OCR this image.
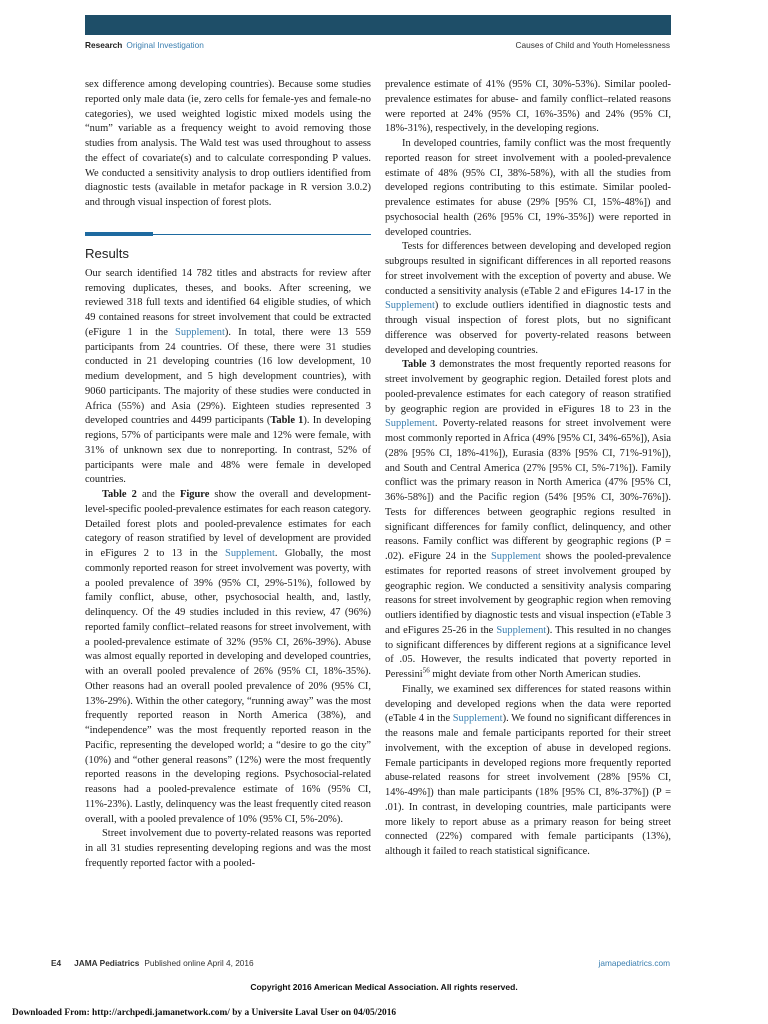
Research Original Investigation	Causes of Child and Youth Homelessness

sex difference among developing countries). Because some studies reported only male data (ie, zero cells for female-yes and female-no categories), we used weighted logistic mixed models using the “num” variable as a frequency weight to avoid removing those studies from analysis. The Wald test was used throughout to assess the effect of covariate(s) and to calculate corresponding P values. We conducted a sensitivity analysis to drop outliers identified from diagnostic tests (available in metafor package in R version 3.0.2) and through visual inspection of forest plots.

Results

Our search identified 14 782 titles and abstracts for review after removing duplicates, theses, and books. After screening, we reviewed 318 full texts and identified 64 eligible studies, of which 49 contained reasons for street involvement that could be extracted (eFigure 1 in the Supplement). In total, there were 13 559 participants from 24 countries. Of these, there were 31 studies conducted in 21 developing countries (16 low development, 10 medium development, and 5 high development countries), with 9060 participants. The majority of these studies were conducted in Africa (55%) and Asia (29%). Eighteen studies represented 3 developed countries and 4499 participants (Table 1). In developing regions, 57% of participants were male and 12% were female, with 31% of unknown sex due to nonreporting. In contrast, 52% of participants were male and 48% were female in developed countries.

Table 2 and the Figure show the overall and development-level-specific pooled-prevalence estimates for each reason category. Detailed forest plots and pooled-prevalence estimates for each category of reason stratified by level of development are provided in eFigures 2 to 13 in the Supplement. Globally, the most commonly reported reason for street involvement was poverty, with a pooled prevalence of 39% (95% CI, 29%-51%), followed by family conflict, abuse, other, psychosocial health, and, lastly, delinquency. Of the 49 studies included in this review, 47 (96%) reported family conflict–related reasons for street involvement, with a pooled-prevalence estimate of 32% (95% CI, 26%-39%). Abuse was almost equally reported in developing and developed countries, with an overall pooled prevalence of 26% (95% CI, 18%-35%). Other reasons had an overall pooled prevalence of 20% (95% CI, 13%-29%). Within the other category, “running away” was the most frequently reported reason in North America (38%), and “independence” was the most frequently reported reason in the Pacific, representing the developed world; a “desire to go the city” (10%) and “other general reasons” (12%) were the most frequently reported reasons in the developing regions. Psychosocial-related reasons had a pooled-prevalence estimate of 16% (95% CI, 11%-23%). Lastly, delinquency was the least frequently cited reason overall, with a pooled prevalence of 10% (95% CI, 5%-20%).

Street involvement due to poverty-related reasons was reported in all 31 studies representing developing regions and was the most frequently reported factor with a pooled-

prevalence estimate of 41% (95% CI, 30%-53%). Similar pooled-prevalence estimates for abuse- and family conflict–related reasons were reported at 24% (95% CI, 16%-35%) and 24% (95% CI, 18%-31%), respectively, in the developing regions.

In developed countries, family conflict was the most frequently reported reason for street involvement with a pooled-prevalence estimate of 48% (95% CI, 38%-58%), with all the studies from developed regions contributing to this estimate. Similar pooled-prevalence estimates for abuse (29% [95% CI, 15%-48%]) and psychosocial health (26% [95% CI, 19%-35%]) were reported in developed countries.

Tests for differences between developing and developed region subgroups resulted in significant differences in all reported reasons for street involvement with the exception of poverty and abuse. We conducted a sensitivity analysis (eTable 2 and eFigures 14-17 in the Supplement) to exclude outliers identified in diagnostic tests and through visual inspection of forest plots, but no significant difference was observed for poverty-related reasons between developed and developing countries.

Table 3 demonstrates the most frequently reported reasons for street involvement by geographic region. Detailed forest plots and pooled-prevalence estimates for each category of reason stratified by geographic region are provided in eFigures 18 to 23 in the Supplement. Poverty-related reasons for street involvement were most commonly reported in Africa (49% [95% CI, 34%-65%]), Asia (28% [95% CI, 18%-41%]), Eurasia (83% [95% CI, 71%-91%]), and South and Central America (27% [95% CI, 5%-71%]). Family conflict was the primary reason in North America (47% [95% CI, 36%-58%]) and the Pacific region (54% [95% CI, 30%-76%]). Tests for differences between geographic regions resulted in significant differences for family conflict, delinquency, and other reasons. Family conflict was different by geographic regions (P = .02). eFigure 24 in the Supplement shows the pooled-prevalence estimates for reported reasons of street involvement grouped by geographic region. We conducted a sensitivity analysis comparing reasons for street involvement by geographic region when removing outliers identified by diagnostic tests and visual inspection (eTable 3 and eFigures 25-26 in the Supplement). This resulted in no changes to significant differences by different regions at a significance level of .05. However, the results indicated that poverty reported in Peressini$^{56}$ might deviate from other North American studies.

Finally, we examined sex differences for stated reasons within developing and developed regions when the data were reported (eTable 4 in the Supplement). We found no significant differences in the reasons male and female participants reported for their street involvement, with the exception of abuse in developed regions. Female participants in developed regions more frequently reported abuse-related reasons for street involvement (28% [95% CI, 14%-49%]) than male participants (18% [95% CI, 8%-37%]) (P = .01). In contrast, in developing countries, male participants were more likely to report abuse as a primary reason for being street connected (22%) compared with female participants (13%), although it failed to reach statistical significance.

E4 JAMA Pediatrics Published online April 4, 2016	jamapediatrics.com
Copyright 2016 American Medical Association. All rights reserved.
Downloaded From: http://archpedi.jamanetwork.com/ by a Universite Laval User on 04/05/2016
